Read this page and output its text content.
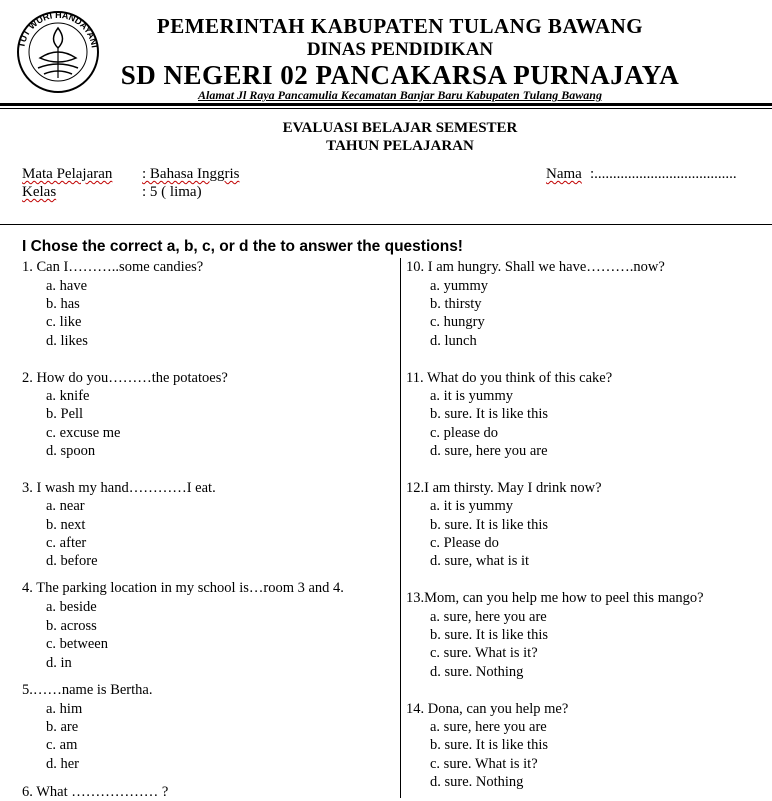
TUT WURI HANDAYANI
PEMERINTAH KABUPATEN TULANG BAWANG
DINAS PENDIDIKAN
SD NEGERI 02 PANCAKARSA PURNAJAYA
Alamat Jl Raya Pancamulia Kecamatan Banjar Baru Kabupaten Tulang Bawang
EVALUASI BELAJAR SEMESTER
TAHUN PELAJARAN
Mata Pelajaran : Bahasa Inggris
Kelas	: 5 ( lima)
Nama :......................................
I Chose the correct a, b, c, or d the to answer the questions!
1. Can I………..some candies?
a. have
b. has
c. like
d. likes
2. How do you………the potatoes?
a. knife
b. Pell
c. excuse me
d. spoon
3. I wash my hand…………I eat.
a. near
b. next
c. after
d. before
4. The parking location in my school is…room 3 and 4.
a. beside
b. across
c. between
d. in
5.……name is Bertha.
a. him
b. are
c. am
d. her
6. What ……………… ?
10. I am hungry. Shall we have……….now?
a. yummy
b. thirsty
c. hungry
d. lunch
11. What do you think of this cake?
a. it is yummy
b. sure. It is like this
c. please do
d. sure, here you are
12.I am thirsty. May I drink now?
a. it is yummy
b. sure. It is like this
c. Please do
d. sure, what is it
13.Mom, can you help me how to peel this mango?
a. sure, here you are
b. sure. It is like this
c. sure. What is it?
d. sure. Nothing
14. Dona, can you help me?
a. sure, here you are
b. sure. It is like this
c. sure. What is it?
d. sure. Nothing
